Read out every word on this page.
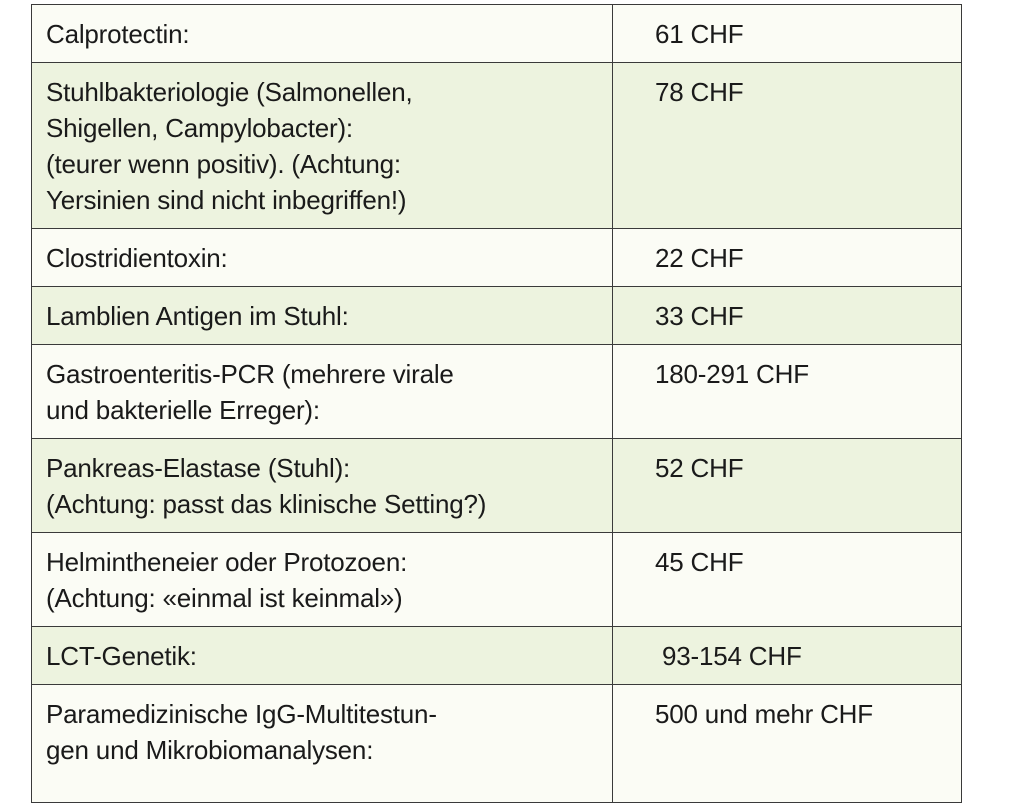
Calprotectin:	61 CHF

Stuhlbakteriologie (Salmonellen,
Shigellen, Campylobacter):
(teurer wenn positiv). (Achtung:
Yersinien sind nicht inbegriffen!)	78 CHF

Clostridientoxin:	22 CHF

Lamblien Antigen im Stuhl:	33 CHF

Gastroenteritis-PCR (mehrere virale
und bakterielle Erreger):	180-291 CHF

Pankreas-Elastase (Stuhl):
(Achtung: passt das klinische Setting?)	52 CHF

Helmintheneier oder Protozoen:
(Achtung: «einmal ist keinmal»)	45 CHF

LCT-Genetik:	93-154 CHF

Paramedizinische IgG-Multitestun-
gen und Mikrobiomanalysen:	500 und mehr CHF
